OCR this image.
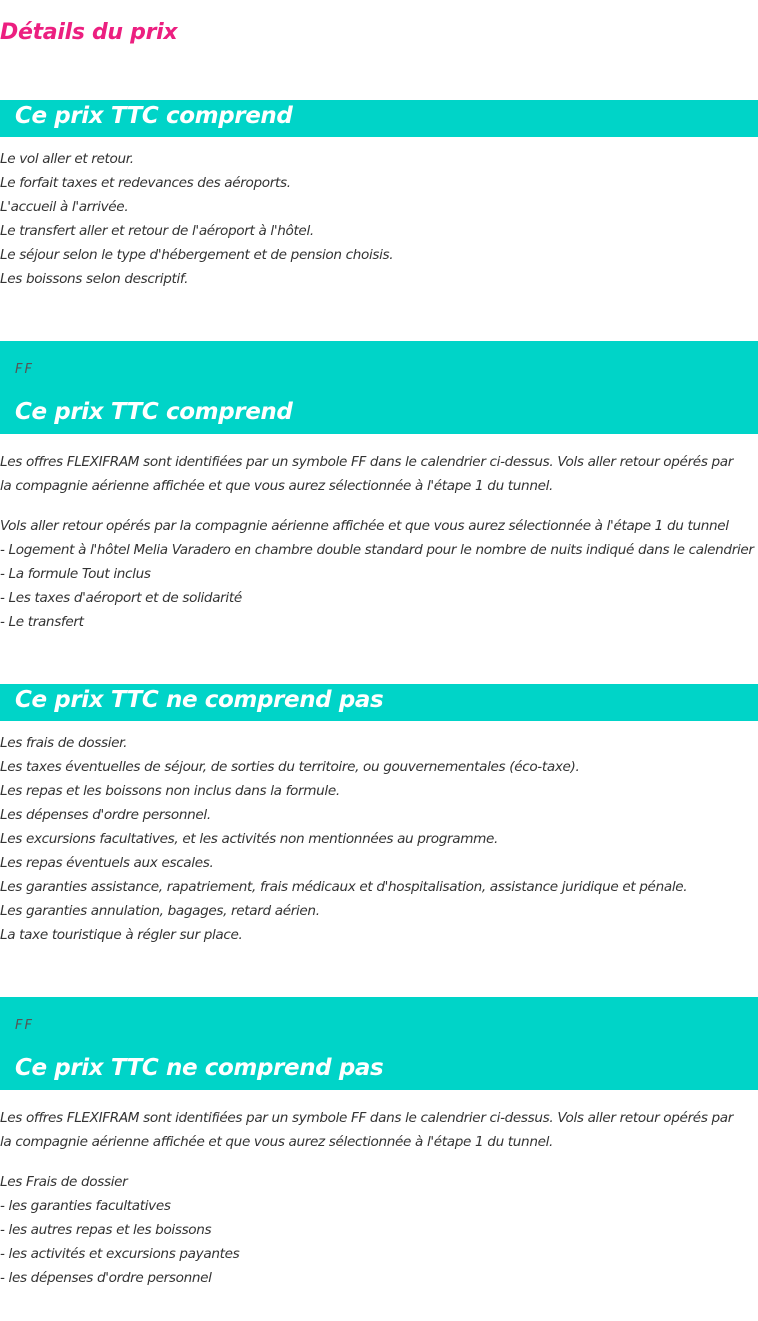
Détails du prix
Ce prix TTC comprend
Le vol aller et retour.
Le forfait taxes et redevances des aéroports.
L'accueil à l'arrivée.
Le transfert aller et retour de l'aéroport à l'hôtel.
Le séjour selon le type d'hébergement et de pension choisis.
Les boissons selon descriptif.
FF
Ce prix TTC comprend

Les offres FLEXIFRAM sont identifiées par un symbole FF dans le calendrier ci-dessus. Vols aller retour opérés par la compagnie aérienne affichée et que vous aurez sélectionnée à l'étape 1 du tunnel.

Vols aller retour opérés par la compagnie aérienne affichée et que vous aurez sélectionnée à l'étape 1 du tunnel
- Logement à l'hôtel Melia Varadero en chambre double standard pour le nombre de nuits indiqué dans le calendrier
- La formule Tout inclus
- Les taxes d'aéroport et de solidarité
- Le transfert
Ce prix TTC ne comprend pas
Les frais de dossier.
Les taxes éventuelles de séjour, de sorties du territoire, ou gouvernementales (éco-taxe).
Les repas et les boissons non inclus dans la formule.
Les dépenses d'ordre personnel.
Les excursions facultatives, et les activités non mentionnées au programme.
Les repas éventuels aux escales.
Les garanties assistance, rapatriement, frais médicaux et d'hospitalisation, assistance juridique et pénale.
Les garanties annulation, bagages, retard aérien.
La taxe touristique à régler sur place.
FF
Ce prix TTC ne comprend pas

Les offres FLEXIFRAM sont identifiées par un symbole FF dans le calendrier ci-dessus. Vols aller retour opérés par la compagnie aérienne affichée et que vous aurez sélectionnée à l'étape 1 du tunnel.

Les Frais de dossier
- les garanties facultatives
- les autres repas et les boissons
- les activités et excursions payantes
- les dépenses d'ordre personnel
